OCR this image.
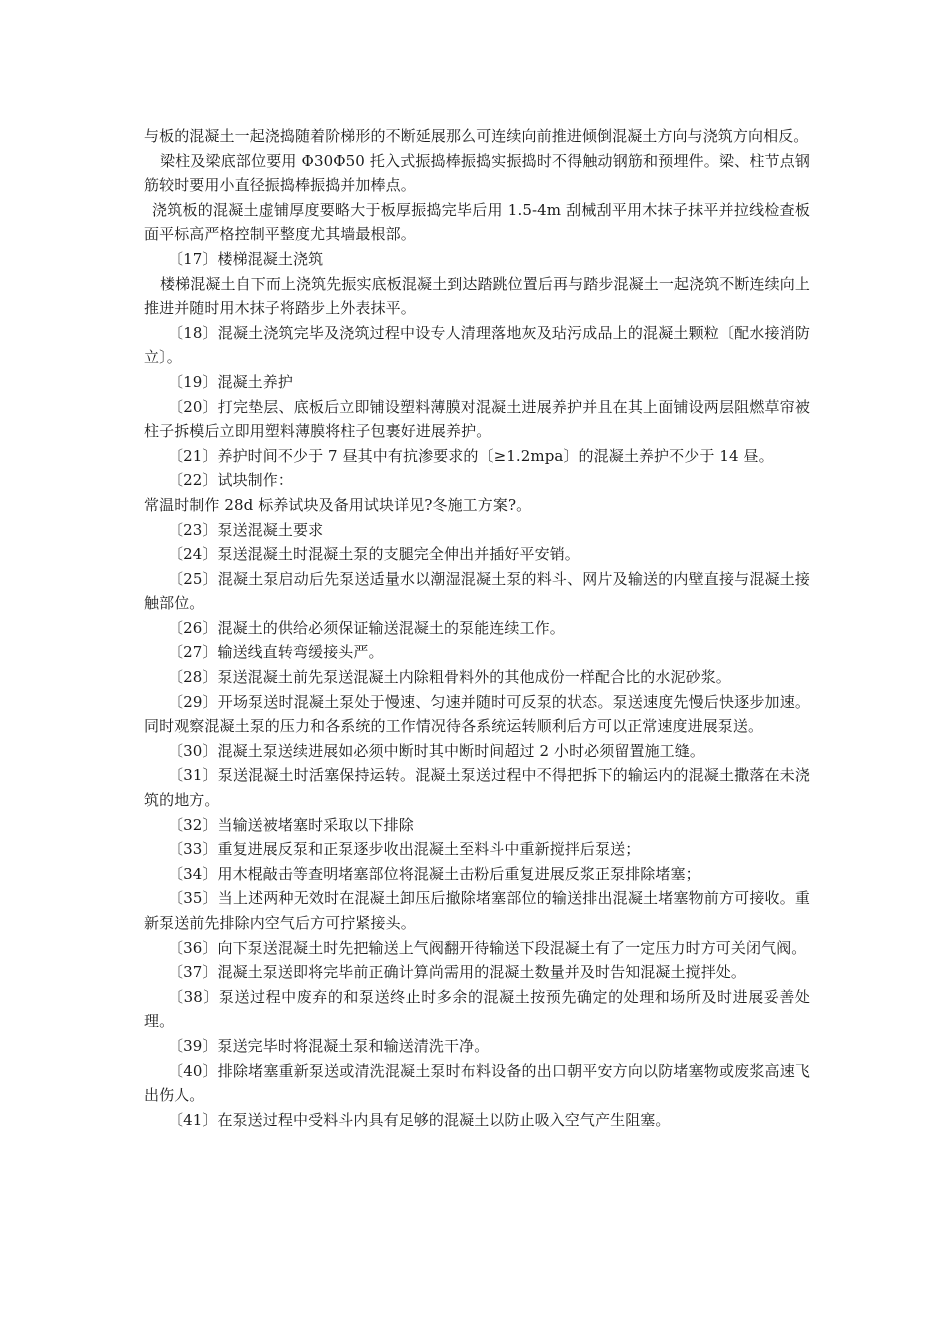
与板的混凝土一起浇捣随着阶梯形的不断延展那么可连续向前推进倾倒混凝土方向与浇筑方向相反。

梁柱及梁底部位要用 Φ30Φ50 托入式振捣棒振捣实振捣时不得触动钢筋和预埋件。梁、柱节点钢筋较时要用小直径振捣棒振捣并加棒点。

浇筑板的混凝土虚铺厚度要略大于板厚振捣完毕后用 1.5-4m 刮械刮平用木抹子抹平并拉线检查板面平标高严格控制平整度尤其墙最根部。

〔17〕楼梯混凝土浇筑

楼梯混凝土自下而上浇筑先振实底板混凝土到达踏跳位置后再与踏步混凝土一起浇筑不断连续向上推进并随时用木抹子将踏步上外表抹平。

〔18〕混凝土浇筑完毕及浇筑过程中设专人清理落地灰及玷污成品上的混凝土颗粒〔配水接消防立〕。

〔19〕混凝土养护

〔20〕打完垫层、底板后立即铺设塑料薄膜对混凝土进展养护并且在其上面铺设两层阻燃草帘被柱子拆模后立即用塑料薄膜将柱子包裹好进展养护。

〔21〕养护时间不少于 7 昼其中有抗渗要求的〔≥1.2mpa〕的混凝土养护不少于 14 昼。

〔22〕试块制作：

常温时制作 28d 标养试块及备用试块详见?冬施工方案?。

〔23〕泵送混凝土要求

〔24〕泵送混凝土时混凝土泵的支腿完全伸出并插好平安销。

〔25〕混凝土泵启动后先泵送适量水以潮湿混凝土泵的料斗、网片及输送的内壁直接与混凝土接触部位。

〔26〕混凝土的供给必须保证输送混凝土的泵能连续工作。

〔27〕输送线直转弯缓接头严。

〔28〕泵送混凝土前先泵送混凝土内除粗骨料外的其他成份一样配合比的水泥砂浆。

〔29〕开场泵送时混凝土泵处于慢速、匀速并随时可反泵的状态。泵送速度先慢后快逐步加速。同时观察混凝土泵的压力和各系统的工作情况待各系统运转顺利后方可以正常速度进展泵送。

〔30〕混凝土泵送续进展如必须中断时其中断时间超过 2 小时必须留置施工缝。

〔31〕泵送混凝土时活塞保持运转。混凝土泵送过程中不得把拆下的输运内的混凝土撒落在未浇筑的地方。

〔32〕当输送被堵塞时采取以下排除

〔33〕重复进展反泵和正泵逐步收出混凝土至料斗中重新搅拌后泵送；

〔34〕用木棍敲击等查明堵塞部位将混凝土击粉后重复进展反浆正泵排除堵塞；

〔35〕当上述两种无效时在混凝土卸压后撤除堵塞部位的输送排出混凝土堵塞物前方可接收。重新泵送前先排除内空气后方可拧紧接头。

〔36〕向下泵送混凝土时先把输送上气阀翻开待输送下段混凝土有了一定压力时方可关闭气阀。

〔37〕混凝土泵送即将完毕前正确计算尚需用的混凝土数量并及时告知混凝土搅拌处。

〔38〕泵送过程中废弃的和泵送终止时多余的混凝土按预先确定的处理和场所及时进展妥善处理。

〔39〕泵送完毕时将混凝土泵和输送清洗干净。

〔40〕排除堵塞重新泵送或清洗混凝土泵时布料设备的出口朝平安方向以防堵塞物或废浆高速飞出伤人。

〔41〕在泵送过程中受料斗内具有足够的混凝土以防止吸入空气产生阻塞。
